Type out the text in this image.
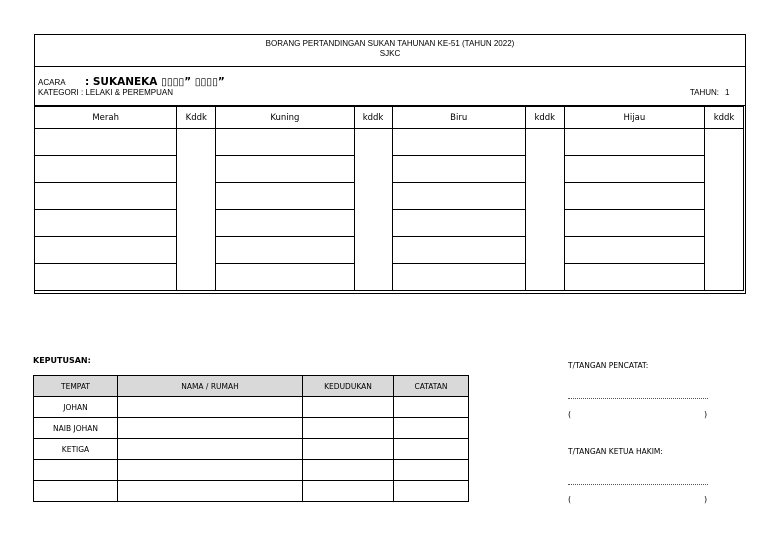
BORANG PERTANDINGAN SUKAN TAHUNAN KE-51 (TAHUN 2022)
SJKC
ACARA : SUKANEKA ▯▯▯▯” ▯▯▯▯”
KATEGORI : LELAKI & PEREMPUAN	TAHUN: 1
Merah	Kddk	Kuning	kddk	Biru	kddk	Hijau	kddk

KEPUTUSAN:
TEMPAT	NAMA / RUMAH	KEDUDUKAN	CATATAN
JOHAN			
NAIB JOHAN			
KETIGA			

T/TANGAN PENCATAT:
(	)
T/TANGAN KETUA HAKIM:
(	)
